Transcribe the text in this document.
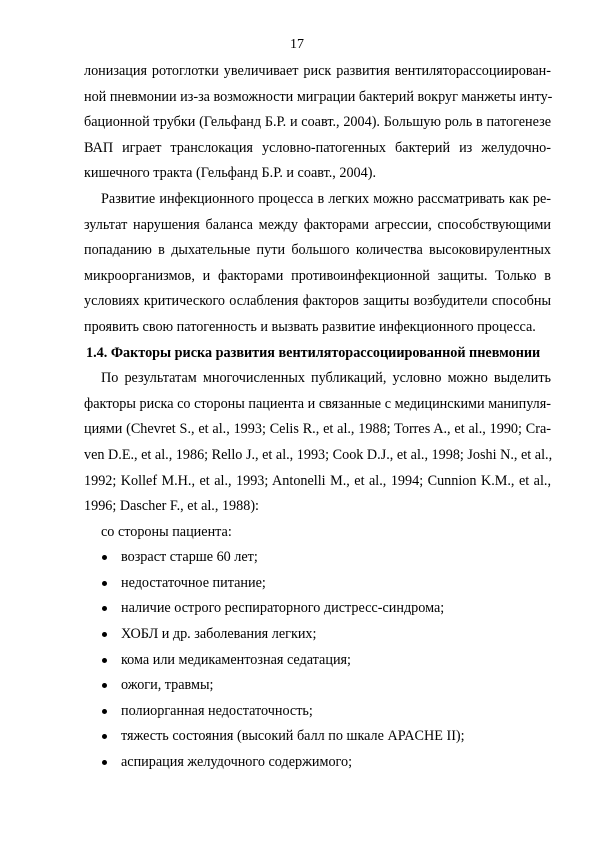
17
лонизация ротоглотки увеличивает риск развития вентиляторассоциирован-
ной пневмонии из-за возможности миграции бактерий вокруг манжеты инту-
бационной трубки (Гельфанд Б.Р. и соавт., 2004). Большую роль в патогенезе
ВАП играет транслокация условно-патогенных бактерий из желудочно-
кишечного тракта (Гельфанд Б.Р. и соавт., 2004).
Развитие инфекционного процесса в легких можно рассматривать как ре-
зультат нарушения баланса между факторами агрессии, способствующими
попаданию в дыхательные пути большого количества высоковирулентных
микроорганизмов, и факторами противоинфекционной защиты. Только в
условиях критического ослабления факторов защиты возбудители способны
проявить свою патогенность и вызвать развитие инфекционного процесса.
1.4. Факторы риска развития вентиляторассоциированной пневмонии
По результатам многочисленных публикаций, условно можно выделить
факторы риска со стороны пациента и связанные с медицинскими манипуля-
циями (Chevret S., et al., 1993; Celis R., et al., 1988; Torres A., et al., 1990; Cra-
ven D.E., et al., 1986; Rello J., et al., 1993; Cook D.J., et al., 1998; Joshi N., et al.,
1992; Kollef M.H., et al., 1993; Antonelli M., et al., 1994; Cunnion K.M., et al.,
1996; Dascher F., et al., 1988):
со стороны пациента:
возраст старше 60 лет;
недостаточное питание;
наличие острого респираторного дистресс-синдрома;
ХОБЛ и др. заболевания легких;
кома или медикаментозная седатация;
ожоги, травмы;
полиорганная недостаточность;
тяжесть состояния (высокий балл по шкале APACHE II);
аспирация желудочного содержимого;
